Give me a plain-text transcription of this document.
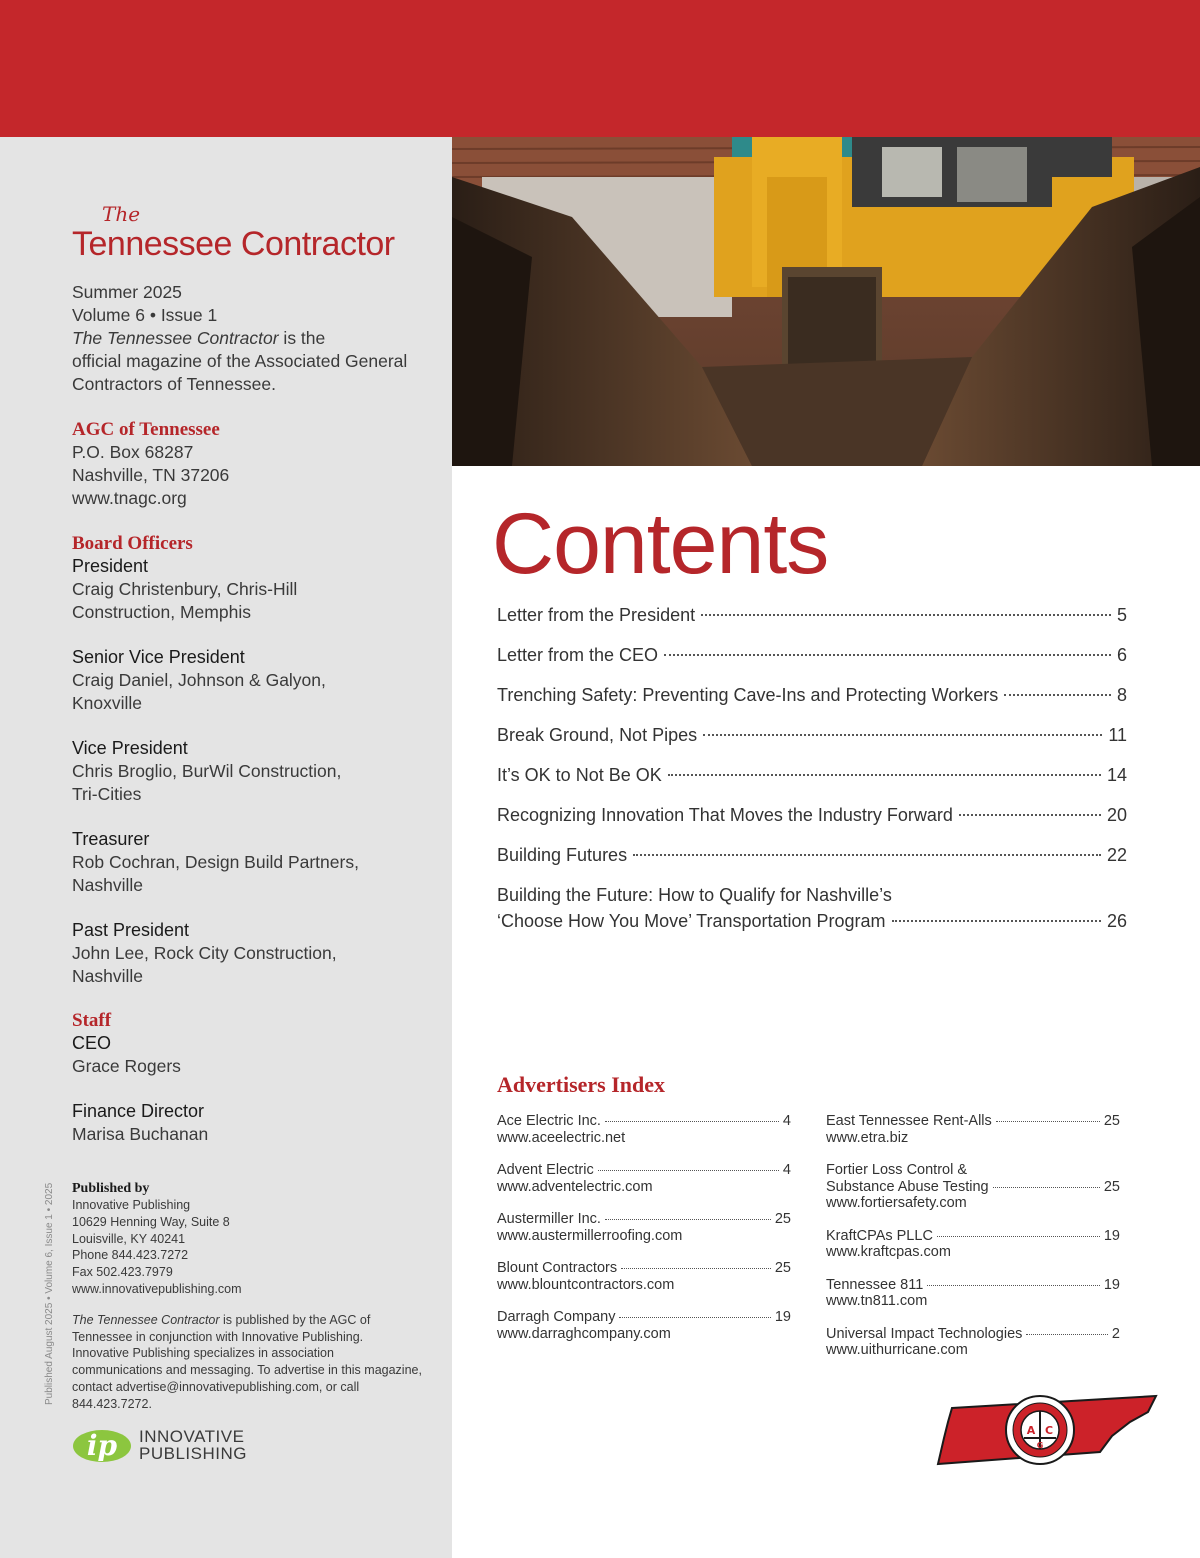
The
Tennessee Contractor
Summer 2025
Volume 6 • Issue 1
The Tennessee Contractor is the
official magazine of the Associated General
Contractors of Tennessee.
AGC of Tennessee
P.O. Box 68287
Nashville, TN 37206
www.tnagc.org
Board Officers
President
Craig Christenbury, Chris-Hill
Construction, Memphis
Senior Vice President
Craig Daniel, Johnson & Galyon,
Knoxville
Vice President
Chris Broglio, BurWil Construction,
Tri-Cities
Treasurer
Rob Cochran, Design Build Partners,
Nashville
Past President
John Lee, Rock City Construction,
Nashville
Staff
CEO
Grace Rogers
Finance Director
Marisa Buchanan
Published by
Innovative Publishing
10629 Henning Way, Suite 8
Louisville, KY 40241
Phone 844.423.7272
Fax 502.423.7979
www.innovativepublishing.com
The Tennessee Contractor is published by the AGC of Tennessee in conjunction with Innovative Publishing. Innovative Publishing specializes in association communications and messaging. To advertise in this magazine, contact advertise@innovativepublishing.com, or call 844.423.7272.
Published August 2025 • Volume 6, Issue 1 • 2025
ip INNOVATIVE
PUBLISHING
Contents
Letter from the President	5
Letter from the CEO	6
Trenching Safety: Preventing Cave-Ins and Protecting Workers	8
Break Ground, Not Pipes	11
It’s OK to Not Be OK	14
Recognizing Innovation That Moves the Industry Forward	20
Building Futures	22
Building the Future: How to Qualify for Nashville’s
‘Choose How You Move’ Transportation Program	26
Advertisers Index
Ace Electric Inc.	4
www.aceelectric.net
Advent Electric	4
www.adventelectric.com
Austermiller Inc.	25
www.austermillerroofing.com
Blount Contractors	25
www.blountcontractors.com
Darragh Company	19
www.darraghcompany.com
East Tennessee Rent-Alls	25
www.etra.biz
Fortier Loss Control &
Substance Abuse Testing	25
www.fortiersafety.com
KraftCPAs PLLC	19
www.kraftcpas.com
Tennessee 811	19
www.tn811.com
Universal Impact Technologies	2
www.uithurricane.com
A C
G
